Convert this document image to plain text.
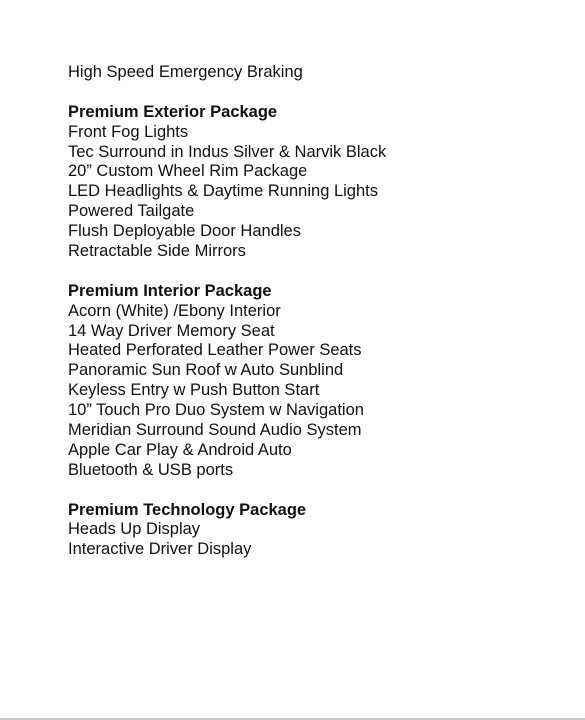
High Speed Emergency Braking
Premium Exterior Package
Front Fog Lights
Tec Surround in Indus Silver & Narvik Black
20” Custom Wheel Rim Package
LED Headlights & Daytime Running Lights
Powered Tailgate
Flush Deployable Door Handles
Retractable Side Mirrors
Premium Interior Package
Acorn (White) /Ebony Interior
14 Way Driver Memory Seat
Heated Perforated Leather Power Seats
Panoramic Sun Roof w Auto Sunblind
Keyless Entry w Push Button Start
10” Touch Pro Duo System w Navigation
Meridian Surround Sound Audio System
Apple Car Play & Android Auto
Bluetooth & USB ports
Premium Technology Package
Heads Up Display
Interactive Driver Display
